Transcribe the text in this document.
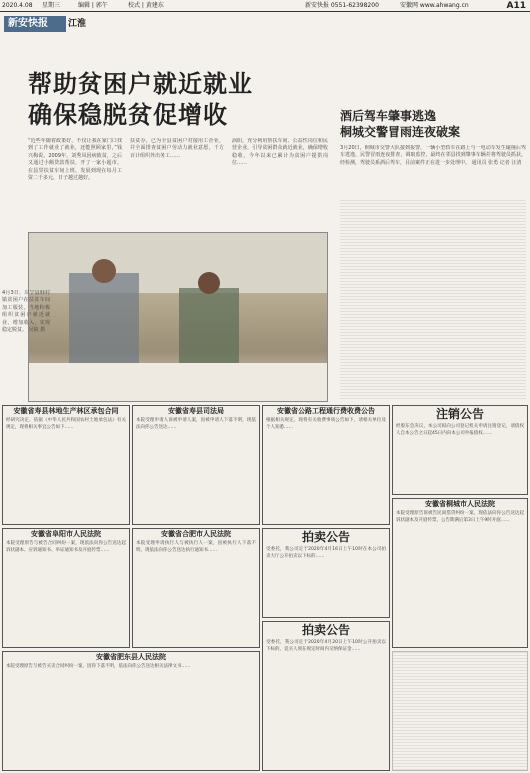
2020.4.08 星期三	编辑 | 郭午	校式 | 黄建东	新安快报 0551-62398200	安徽网 www.ahwang.cn	A11
新安快报	江淮
帮助贫困户就近就业
确保稳脱贫促增收
“近些年随着政策好，不仅让我在家门口找到了工作就业了就业，还能照顾家里，”钱兴梅说。2009年，刘秀凤因病致贫，之后又通过小额贷款帮扶，开了一家小超市。在县里扶贫车间上班，发展到现在每月工资二千多元，日子越过越好。
扶贫办，已为全县贫困户对接用工企业，并全面排查贫困户劳动力就业意愿，千方百计组织外出务工……
涡阳，充分利用帮扶车间、公益性岗位和民营企业，引导贫困群众就近就业，确保增收稳收，今年以来已累计为贫困户提供岗位……
4月3日，岸宁县韩村镇贫困户在扶贫车间加工服装，当地积极组织贫困户就近就业，增加收入，实现稳定脱贫。 吴缺 摄
酒后驾车肇事逃逸
桐城交警冒雨连夜破案
3月20日，桐城市交警大队接到报警，一辆小型轿车在路上与一电动车发生碰撞后驾车逃逸，民警冒雨连夜排查，调取监控，最终在邻县找到肇事车辆并将驾驶员抓获。经检测，驾驶员系酒后驾车，目前案件正在进一步处理中。 通讯员 张勇 记者 汪清
安徽省寿县林地生产林区承包合同
经研究决定，依据《中华人民共和国农村土地承包法》有关规定，现将相关事宜公告如下……
安徽省寿县司法局
本院受理申请人诉被申请人案，因被申请人下落不明，现依法向你公告送达……
安徽省公路工程通行费收费公告
根据相关规定，现将有关收费事项公告如下，请相关单位及个人知悉……
注销公告
经股东会决议，本公司拟向公司登记机关申请注销登记，请债权人自本公告之日起45日内向本公司申报债权……
安徽省阜阳市人民法院
本院受理原告与被告合同纠纷一案，现依法向你公告送达起诉状副本、应诉通知书、举证通知书及开庭传票……
安徽省合肥市人民法院
本院受理申请执行人与被执行人一案，因被执行人下落不明，现依法向你公告送达执行通知书……
拍卖公告
受委托，我公司定于2020年4月16日上午10时在本公司拍卖大厅公开拍卖以下标的……
安徽省桐城市人民法院
本院受理原告诉被告民间借贷纠纷一案，现依法向你公告送达起诉状副本及开庭传票，公告期满后第3日上午9时开庭……
安徽省肥东县人民法院
本院受理原告与被告买卖合同纠纷一案，因你下落不明，依法向你公告送达相关法律文书……
拍卖公告
受委托，我公司定于2020年4月20日上午10时公开拍卖以下标的，竞买人须在规定时间内交纳保证金……
